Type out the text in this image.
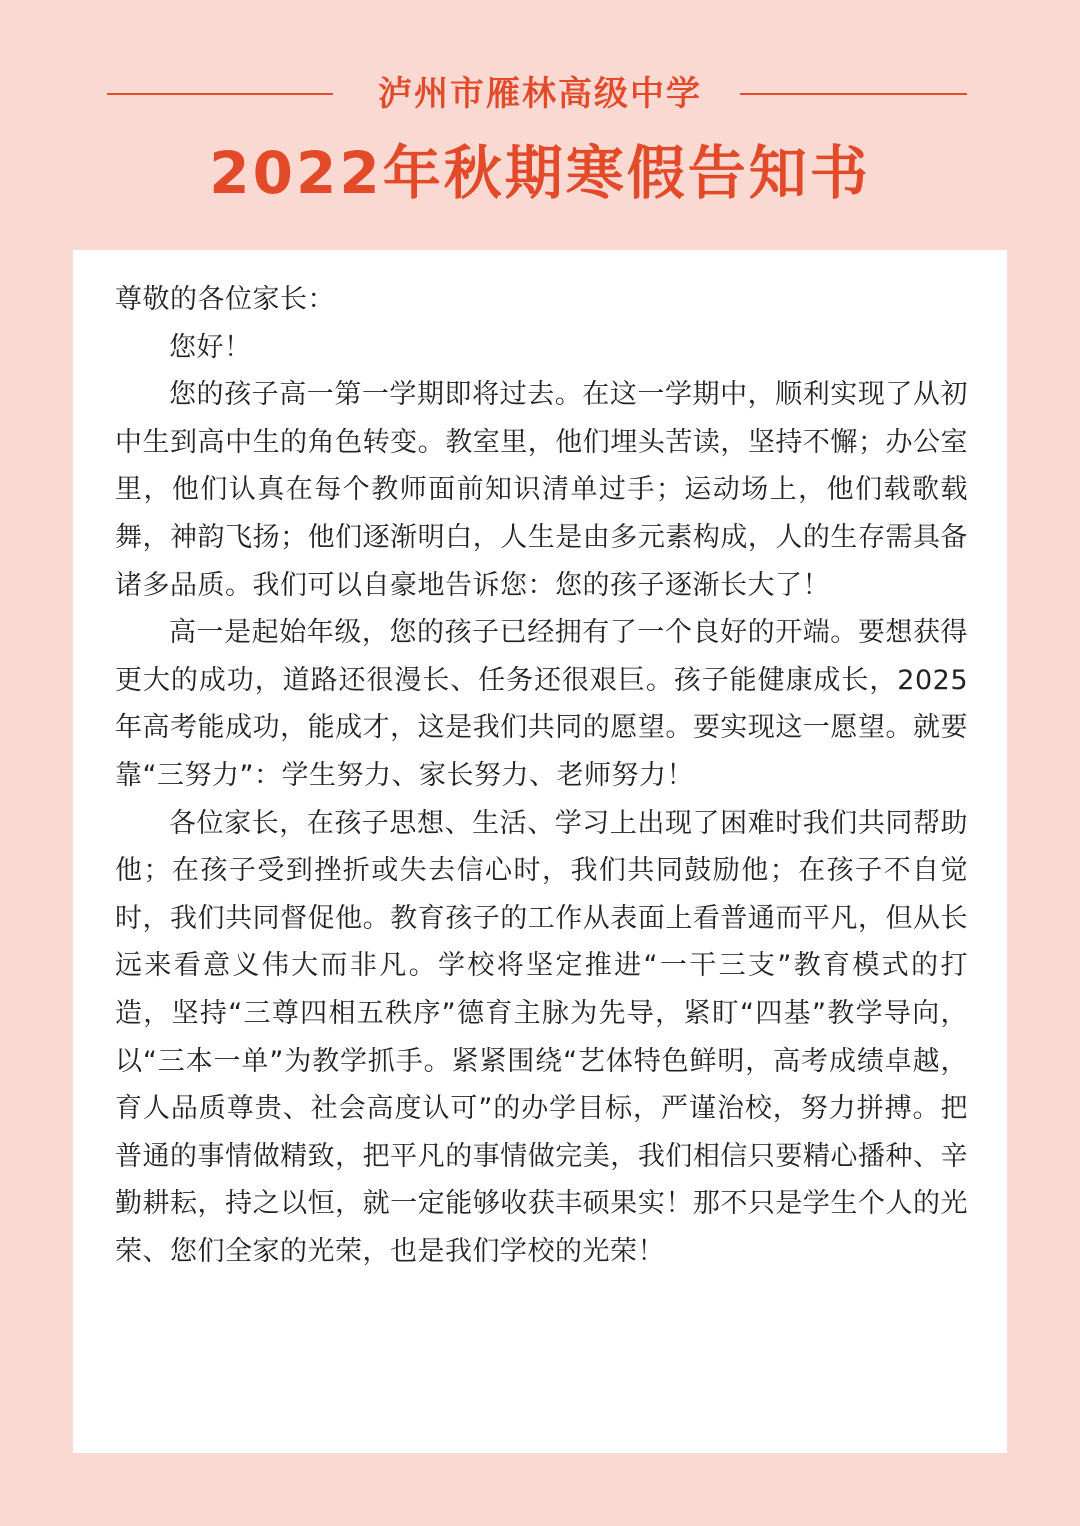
泸州市雁林高级中学
2022年秋期寒假告知书

尊敬的各位家长：

您好！

您的孩子高一第一学期即将过去。在这一学期中，顺利实现了从初中生到高中生的角色转变。教室里，他们埋头苦读，坚持不懈；办公室里，他们认真在每个教师面前知识清单过手；运动场上，他们载歌载舞，神韵飞扬；他们逐渐明白，人生是由多元素构成，人的生存需具备诸多品质。我们可以自豪地告诉您：您的孩子逐渐长大了！

高一是起始年级，您的孩子已经拥有了一个良好的开端。要想获得更大的成功，道路还很漫长、任务还很艰巨。孩子能健康成长，2025年高考能成功，能成才，这是我们共同的愿望。要实现这一愿望。就要靠“三努力”：学生努力、家长努力、老师努力！

各位家长，在孩子思想、生活、学习上出现了困难时我们共同帮助他；在孩子受到挫折或失去信心时，我们共同鼓励他；在孩子不自觉时，我们共同督促他。教育孩子的工作从表面上看普通而平凡，但从长远来看意义伟大而非凡。学校将坚定推进“一干三支”教育模式的打造，坚持“三尊四相五秩序”德育主脉为先导，紧盯“四基”教学导向，以“三本一单”为教学抓手。紧紧围绕“艺体特色鲜明，高考成绩卓越，育人品质尊贵、社会高度认可”的办学目标，严谨治校，努力拼搏。把普通的事情做精致，把平凡的事情做完美，我们相信只要精心播种、辛勤耕耘，持之以恒，就一定能够收获丰硕果实！那不只是学生个人的光荣、您们全家的光荣，也是我们学校的光荣！
